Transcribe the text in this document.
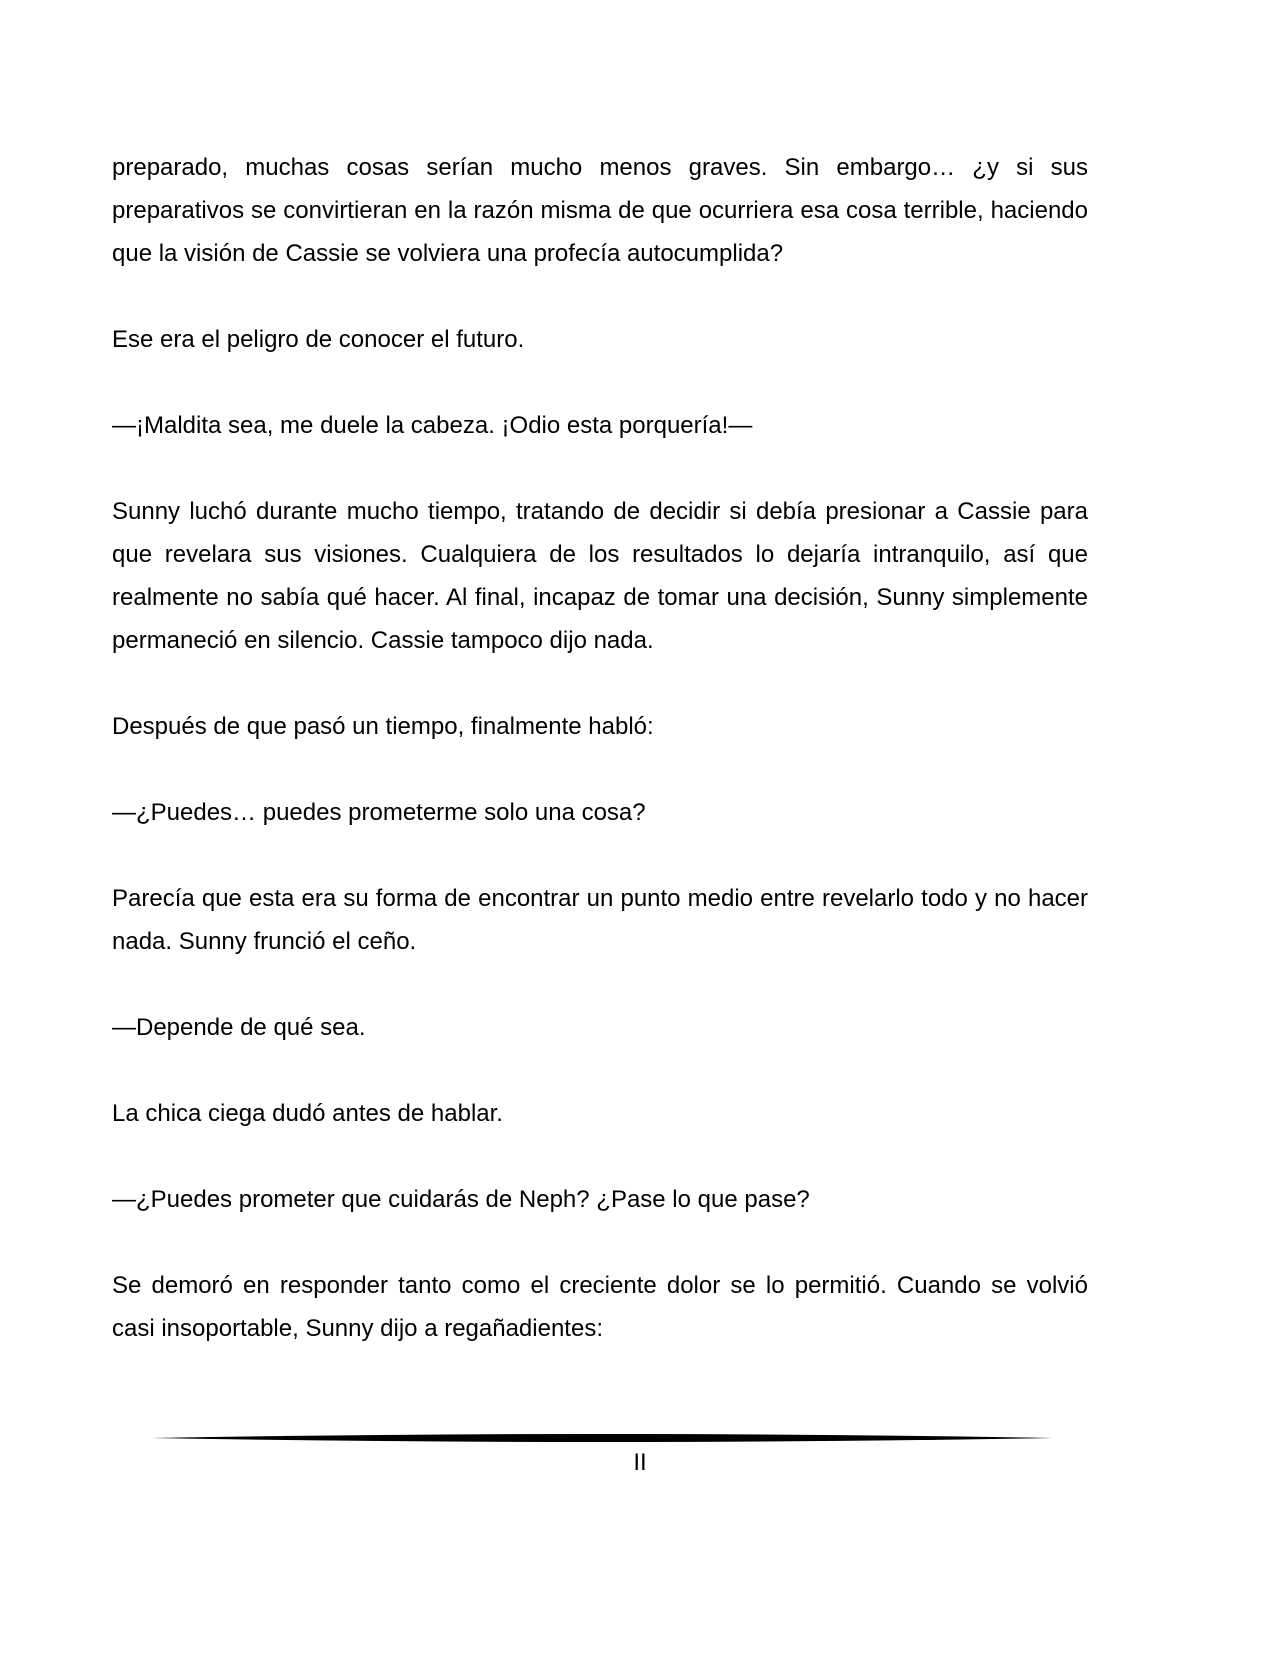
preparado, muchas cosas serían mucho menos graves. Sin embargo… ¿y si sus preparativos se convirtieran en la razón misma de que ocurriera esa cosa terrible, haciendo que la visión de Cassie se volviera una profecía autocumplida?

Ese era el peligro de conocer el futuro.

—¡Maldita sea, me duele la cabeza. ¡Odio esta porquería!—

Sunny luchó durante mucho tiempo, tratando de decidir si debía presionar a Cassie para que revelara sus visiones. Cualquiera de los resultados lo dejaría intranquilo, así que realmente no sabía qué hacer. Al final, incapaz de tomar una decisión, Sunny simplemente permaneció en silencio. Cassie tampoco dijo nada.

Después de que pasó un tiempo, finalmente habló:

—¿Puedes… puedes prometerme solo una cosa?

Parecía que esta era su forma de encontrar un punto medio entre revelarlo todo y no hacer nada. Sunny frunció el ceño.

—Depende de qué sea.

La chica ciega dudó antes de hablar.

—¿Puedes prometer que cuidarás de Neph? ¿Pase lo que pase?

Se demoró en responder tanto como el creciente dolor se lo permitió. Cuando se volvió casi insoportable, Sunny dijo a regañadientes:

II
